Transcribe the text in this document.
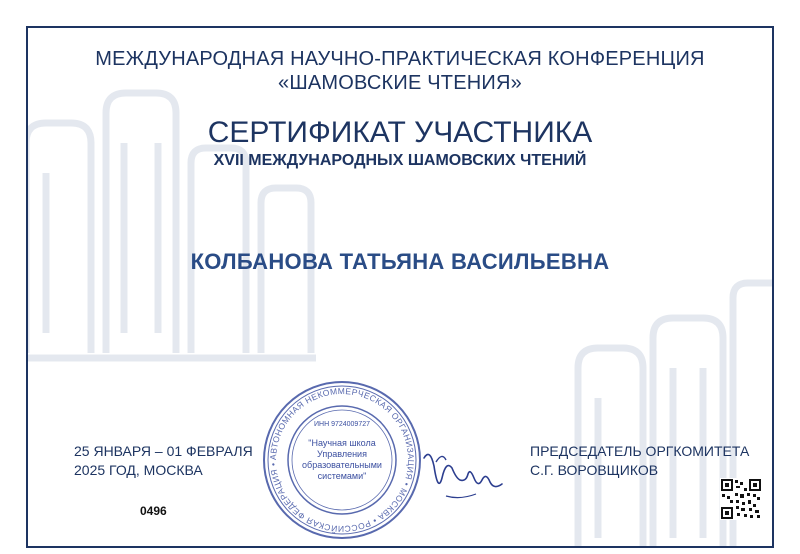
МЕЖДУНАРОДНАЯ НАУЧНО-ПРАКТИЧЕСКАЯ КОНФЕРЕНЦИЯ
«ШАМОВСКИЕ ЧТЕНИЯ»
СЕРТИФИКАТ УЧАСТНИКА
XVII МЕЖДУНАРОДНЫХ ШАМОВСКИХ ЧТЕНИЙ
КОЛБАНОВА ТАТЬЯНА ВАСИЛЬЕВНА
25 ЯНВАРЯ – 01 ФЕВРАЛЯ
2025 ГОД, МОСКВА
ПРЕДСЕДАТЕЛЬ ОРГКОМИТЕТА
С.Г. ВОРОВЩИКОВ
0496
АВТОНОМНАЯ НЕКОММЕРЧЕСКАЯ ОРГАНИЗАЦИЯ • МОСКВА • РОССИЙСКАЯ ФЕДЕРАЦИЯ •
ИНН 9724009727
"Научная школа
Управления
образовательными
системами"
